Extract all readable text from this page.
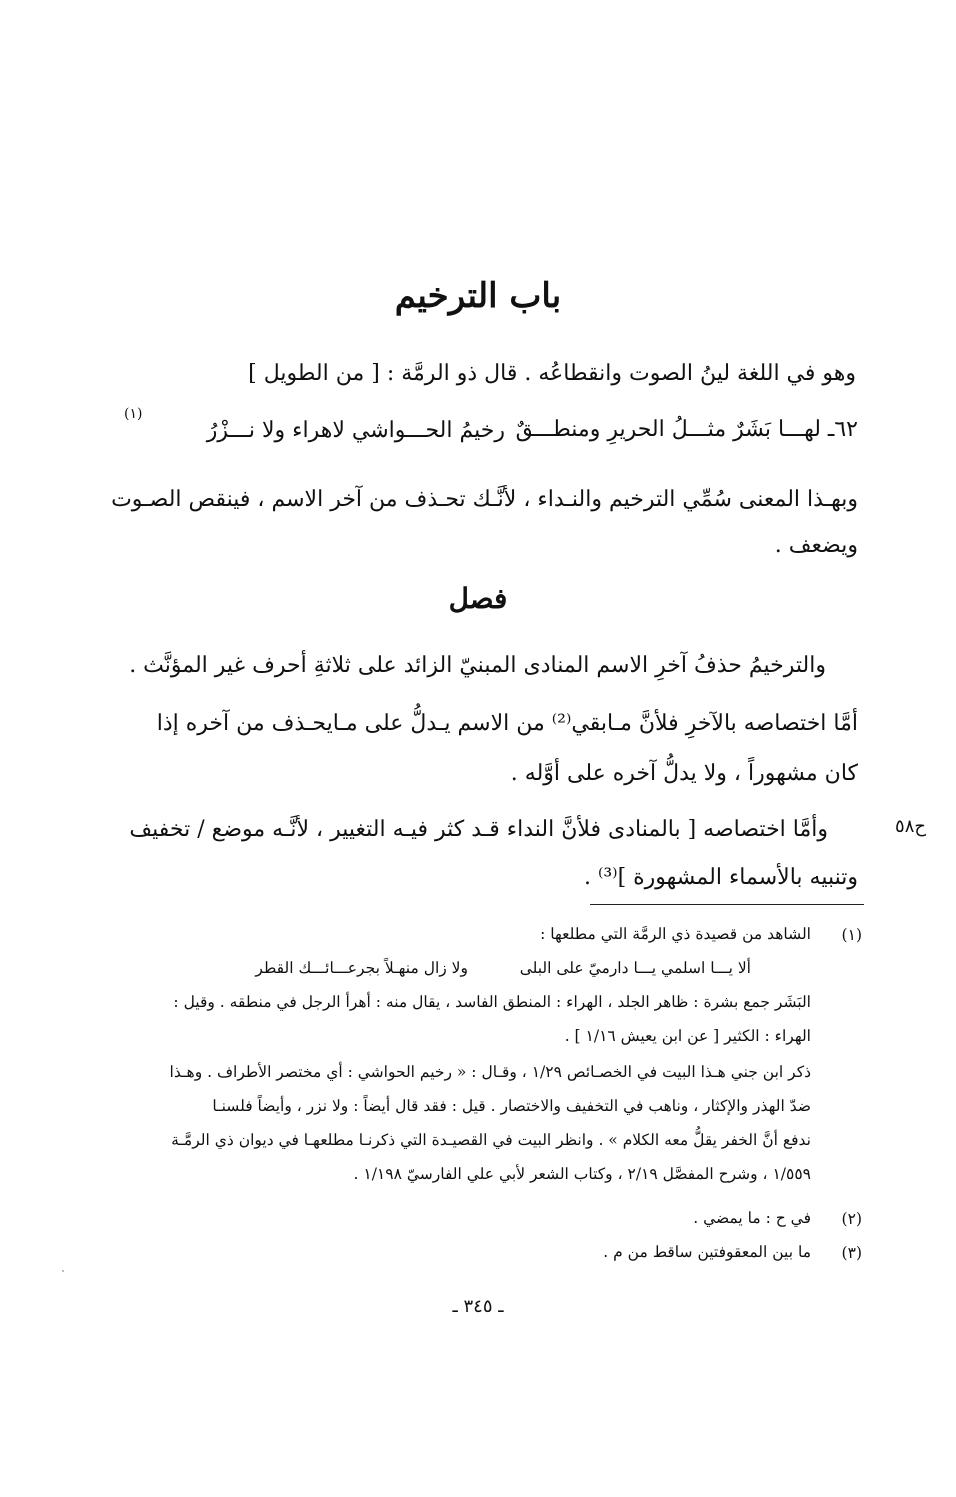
باب الترخيم
وهو في اللغة لينُ الصوت وانقطاعُه . قال ذو الرمَّة : [ من الطويل ]
٦٢ـ لهـــا بَشَرٌ مثـــلُ الحريرِ ومنطـــقٌ
رخيمُ الحـــواشي لاهراء ولا نـــزْرُ
(١)
وبهـذا المعنى سُمِّي الترخيم والنـداء ، لأنَّـك تحـذف من آخر الاسم ، فينقص الصـوت
ويضعف .
فصل
والترخيمُ حذفُ آخرِ الاسم المنادى المبنيّ الزائد على ثلاثةِ أحرف غير المؤنَّث .
أمَّا اختصاصه بالآخرِ فلأنَّ مـابقي⁽²⁾ من الاسم يـدلُّ على مـايحـذف من آخره إذا
كان مشهوراً ، ولا يدلُّ آخره على أوَّله .
ح٥٨
وأمَّا اختصاصه [ بالمنادى فلأنَّ النداء قـد كثر فيـه التغيير ، لأنَّـه موضع / تخفيف
وتنبيه بالأسماء المشهورة ]⁽³⁾ .
(١)
الشاهد من قصيدة ذي الرمَّة التي مطلعها :
ألا يـــا اسلمي يـــا دارميّ على البلى
ولا زال منهـلاً بجرعـــائـــك القطر
البَشَر جمع بشرة : ظاهر الجلد ، الهراء : المنطق الفاسد ، يقال منه : أهرأ الرجل في منطقه . وقيل :
الهراء : الكثير [ عن ابن يعيش ١/١٦ ] .
ذكر ابن جني هـذا البيت في الخصـائص ١/٢٩ ، وقـال : « رخيم الحواشي : أي مختصر الأطراف . وهـذا
ضدّ الهذر والإكثار ، وناهب في التخفيف والاختصار . قيل : فقد قال أيضاً : ولا نزر ، وأيضاً فلسنـا
ندفع أنَّ الخفر يقلُّ معه الكلام » . وانظر البيت في القصيـدة التي ذكرنـا مطلعهـا في ديوان ذي الرمَّـة
١/٥٥٩ ، وشرح المفصَّل ٢/١٩ ، وكتاب الشعر لأبي علي الفارسيّ ١/١٩٨ .
(٢)
في ح : ما يمضي .
(٣)
ما بين المعقوفتين ساقط من م .
ـ ٣٤٥ ـ
